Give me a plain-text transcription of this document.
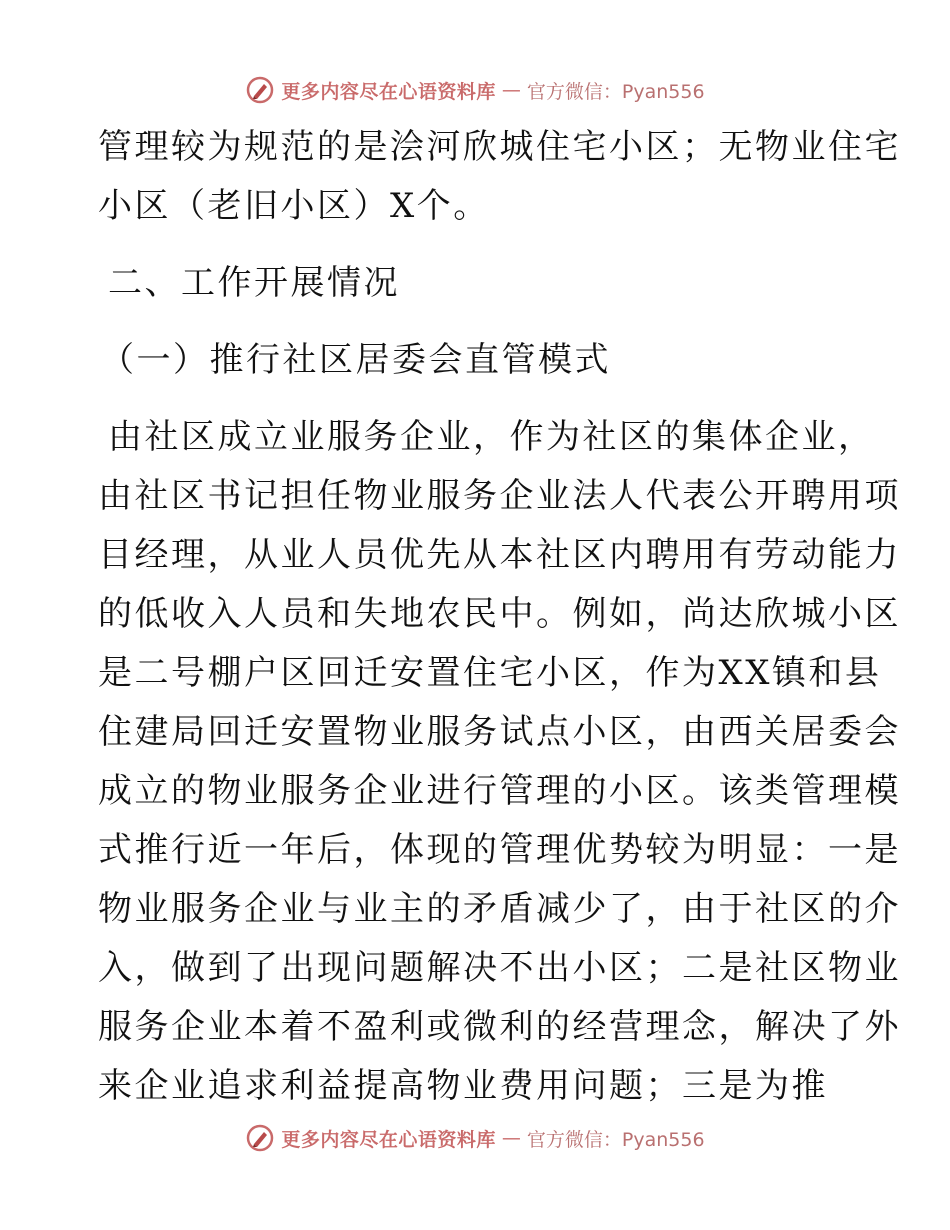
更多内容尽在心语资料库 — 官方微信：Pyan556
管理较为规范的是浍河欣城住宅小区；无物业住宅
小区（老旧小区）X个。
二、工作开展情况
（一）推行社区居委会直管模式
由社区成立业服务企业，作为社区的集体企业，
由社区书记担任物业服务企业法人代表公开聘用项
目经理，从业人员优先从本社区内聘用有劳动能力
的低收入人员和失地农民中。例如，尚达欣城小区
是二号棚户区回迁安置住宅小区，作为XX镇和县
住建局回迁安置物业服务试点小区，由西关居委会
成立的物业服务企业进行管理的小区。该类管理模
式推行近一年后，体现的管理优势较为明显：一是
物业服务企业与业主的矛盾减少了，由于社区的介
入，做到了出现问题解决不出小区；二是社区物业
服务企业本着不盈利或微利的经营理念，解决了外
来企业追求利益提高物业费用问题；三是为推
更多内容尽在心语资料库 — 官方微信：Pyan556
